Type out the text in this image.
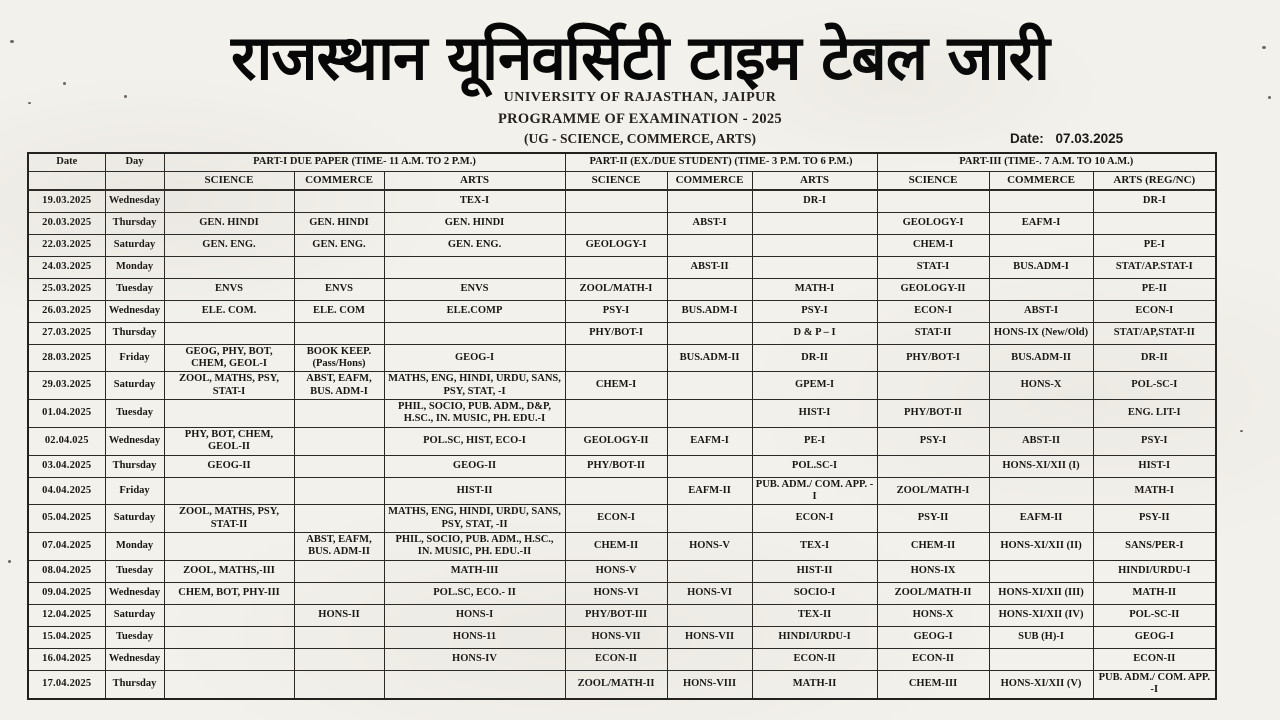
राजस्थान यूनिवर्सिटी टाइम टेबल जारी
UNIVERSITY OF RAJASTHAN, JAIPUR
PROGRAMME OF EXAMINATION - 2025
(UG - SCIENCE, COMMERCE, ARTS)	Date: 07.03.2025
Date	Day	PART-I DUE PAPER (TIME- 11 A.M. TO 2 P.M.)			PART-II (EX./DUE STUDENT) (TIME- 3 P.M. TO 6 P.M.)			PART-III (TIME-. 7 A.M. TO 10 A.M.)		
		SCIENCE	COMMERCE	ARTS	SCIENCE	COMMERCE	ARTS	SCIENCE	COMMERCE	ARTS (REG/NC)
19.03.2025	Wednesday			TEX-I			DR-I			DR-I
20.03.2025	Thursday	GEN. HINDI	GEN. HINDI	GEN. HINDI		ABST-I		GEOLOGY-I	EAFM-I	
22.03.2025	Saturday	GEN. ENG.	GEN. ENG.	GEN. ENG.	GEOLOGY-I			CHEM-I		PE-I
24.03.2025	Monday					ABST-II		STAT-I	BUS.ADM-I	STAT/AP.STAT-I
25.03.2025	Tuesday	ENVS	ENVS	ENVS	ZOOL/MATH-I		MATH-I	GEOLOGY-II		PE-II
26.03.2025	Wednesday	ELE. COM.	ELE. COM	ELE.COMP	PSY-I	BUS.ADM-I	PSY-I	ECON-I	ABST-I	ECON-I
27.03.2025	Thursday				PHY/BOT-I		D & P – I	STAT-II	HONS-IX (New/Old)	STAT/AP,STAT-II
28.03.2025	Friday	GEOG, PHY, BOT, CHEM, GEOL-I	BOOK KEEP. (Pass/Hons)	GEOG-I		BUS.ADM-II	DR-II	PHY/BOT-I	BUS.ADM-II	DR-II
29.03.2025	Saturday	ZOOL, MATHS, PSY, STAT-I	ABST, EAFM, BUS. ADM-I	MATHS, ENG, HINDI, URDU, SANS, PSY, STAT, -I	CHEM-I		GPEM-I		HONS-X	POL-SC-I
01.04.2025	Tuesday			PHIL, SOCIO, PUB. ADM., D&P, H.SC., IN. MUSIC, PH. EDU.-I			HIST-I	PHY/BOT-II		ENG. LIT-I
02.04.025	Wednesday	PHY, BOT, CHEM, GEOL-II		POL.SC, HIST, ECO-I	GEOLOGY-II	EAFM-I	PE-I	PSY-I	ABST-II	PSY-I
03.04.2025	Thursday	GEOG-II		GEOG-II	PHY/BOT-II		POL.SC-I		HONS-XI/XII (I)	HIST-I
04.04.2025	Friday			HIST-II		EAFM-II	PUB. ADM./ COM. APP. -I	ZOOL/MATH-I		MATH-I
05.04.2025	Saturday	ZOOL, MATHS, PSY, STAT-II		MATHS, ENG, HINDI, URDU, SANS, PSY, STAT, -II	ECON-I		ECON-I	PSY-II	EAFM-II	PSY-II
07.04.2025	Monday		ABST, EAFM, BUS. ADM-II	PHIL, SOCIO, PUB. ADM., H.SC., IN. MUSIC, PH. EDU.-II	CHEM-II	HONS-V	TEX-I	CHEM-II	HONS-XI/XII (II)	SANS/PER-I
08.04.2025	Tuesday	ZOOL, MATHS,-III		MATH-III	HONS-V		HIST-II	HONS-IX		HINDI/URDU-I
09.04.2025	Wednesday	CHEM, BOT, PHY-III		POL.SC, ECO.- II	HONS-VI	HONS-VI	SOCIO-I	ZOOL/MATH-II	HONS-XI/XII (III)	MATH-II
12.04.2025	Saturday		HONS-II	HONS-I	PHY/BOT-III		TEX-II	HONS-X	HONS-XI/XII (IV)	POL-SC-II
15.04.2025	Tuesday			HONS-11	HONS-VII	HONS-VII	HINDI/URDU-I	GEOG-I	SUB (H)-I	GEOG-I
16.04.2025	Wednesday			HONS-IV	ECON-II		ECON-II	ECON-II		ECON-II
17.04.2025	Thursday				ZOOL/MATH-II	HONS-VIII	MATH-II	CHEM-III	HONS-XI/XII (V)	PUB. ADM./ COM. APP. -I
